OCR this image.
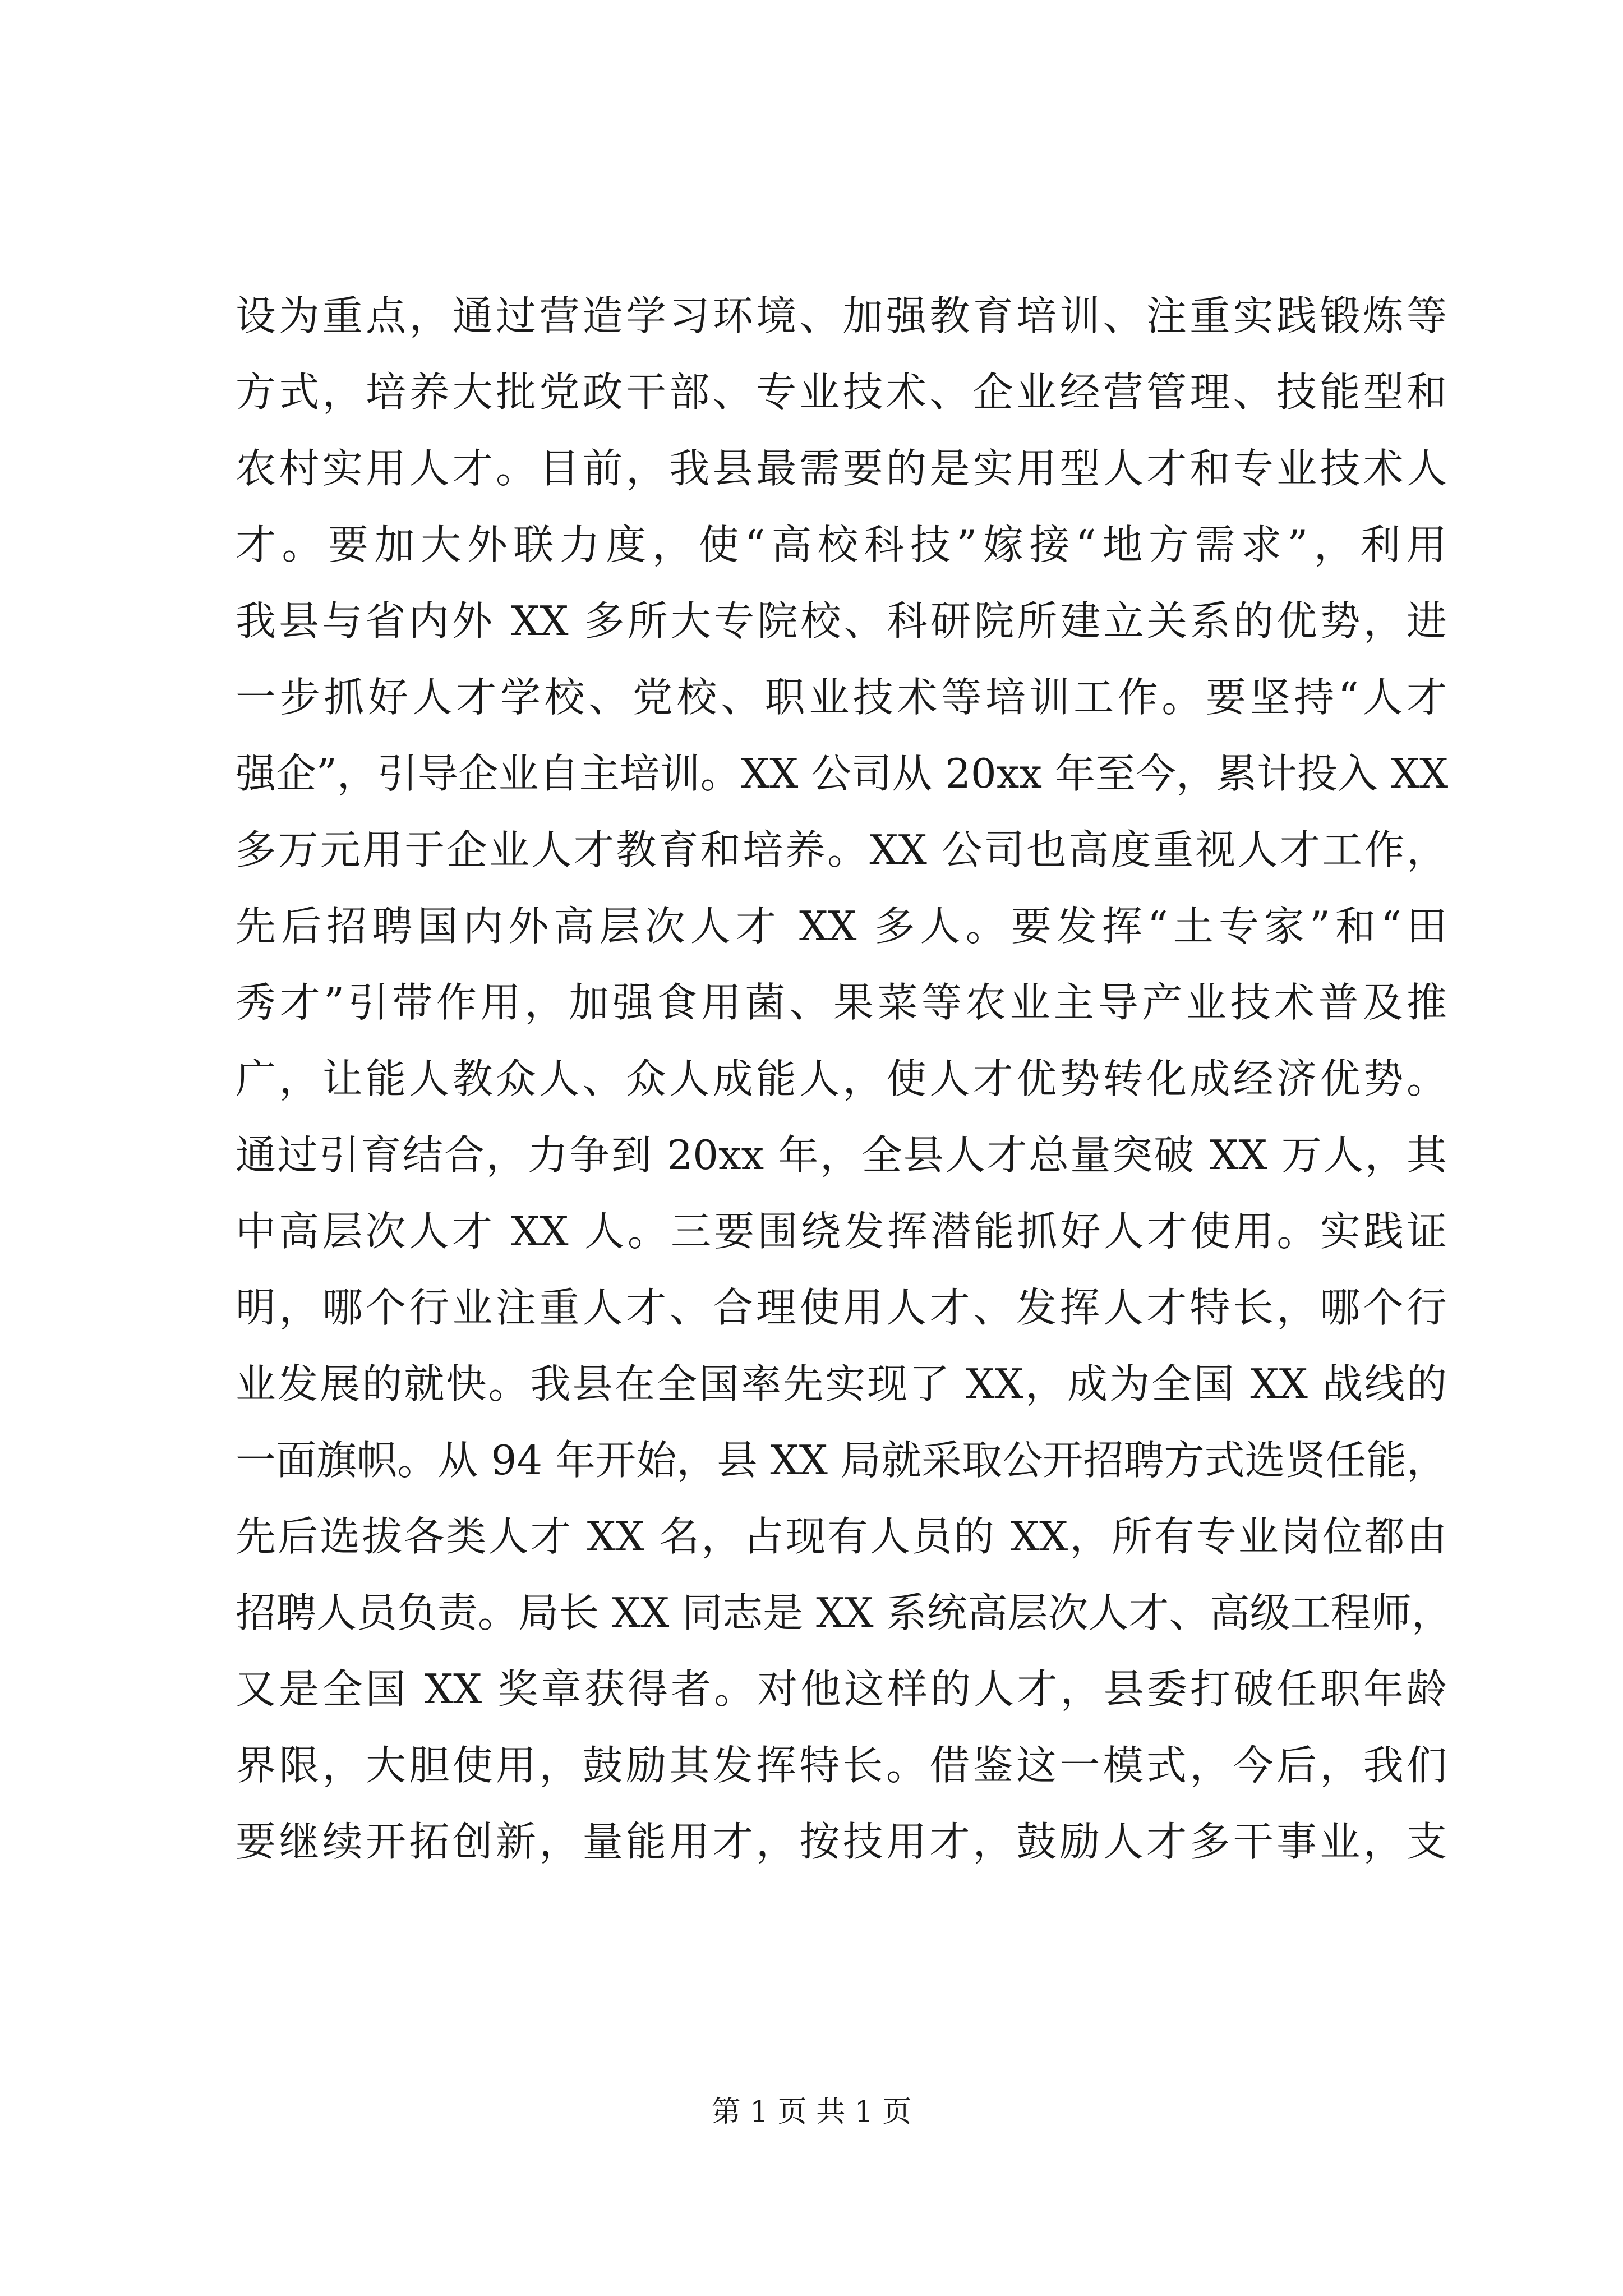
设为重点，通过营造学习环境、加强教育培训、注重实践锻炼等
方式，培养大批党政干部、专业技术、企业经营管理、技能型和
农村实用人才。目前，我县最需要的是实用型人才和专业技术人
才。要加大外联力度，使“高校科技”嫁接“地方需求”，利用
我县与省内外 XX 多所大专院校、科研院所建立关系的优势，进
一步抓好人才学校、党校、职业技术等培训工作。要坚持“人才
强企”，引导企业自主培训。XX 公司从 20xx 年至今，累计投入 XX
多万元用于企业人才教育和培养。XX 公司也高度重视人才工作，
先后招聘国内外高层次人才 XX 多人。要发挥“土专家”和“田
秀才”引带作用，加强食用菌、果菜等农业主导产业技术普及推
广，让能人教众人、众人成能人，使人才优势转化成经济优势。
通过引育结合，力争到 20xx 年，全县人才总量突破 XX 万人，其
中高层次人才 XX 人。三要围绕发挥潜能抓好人才使用。实践证
明，哪个行业注重人才、合理使用人才、发挥人才特长，哪个行
业发展的就快。我县在全国率先实现了 XX，成为全国 XX 战线的
一面旗帜。从 94 年开始，县 XX 局就采取公开招聘方式选贤任能，
先后选拔各类人才 XX 名，占现有人员的 XX，所有专业岗位都由
招聘人员负责。局长 XX 同志是 XX 系统高层次人才、高级工程师，
又是全国 XX 奖章获得者。对他这样的人才，县委打破任职年龄
界限，大胆使用，鼓励其发挥特长。借鉴这一模式，今后，我们
要继续开拓创新，量能用才，按技用才，鼓励人才多干事业，支
第 1 页 共 1 页
